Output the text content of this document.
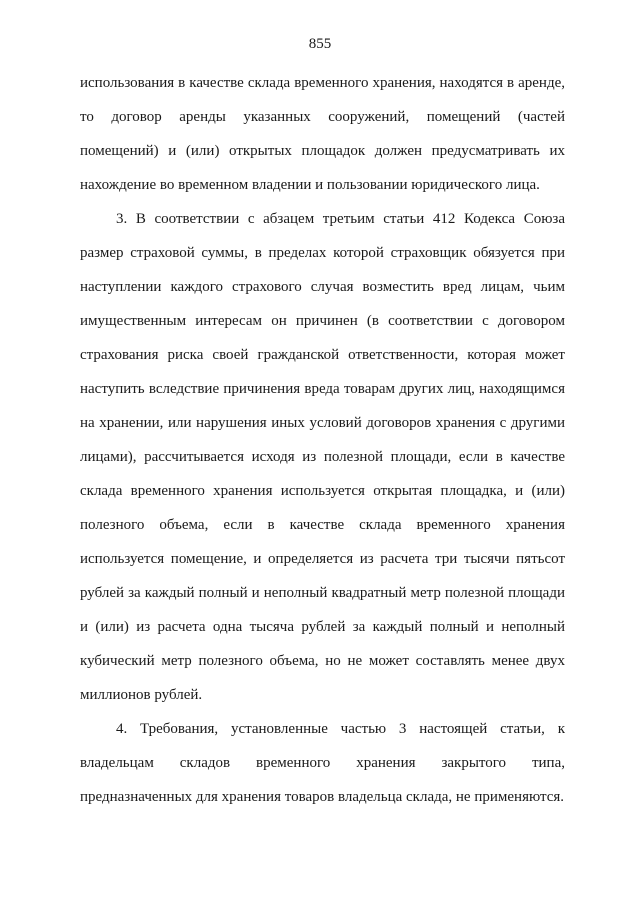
855
использования в качестве склада временного хранения, находятся в аренде,
то договор аренды указанных сооружений, помещений (частей
помещений) и (или) открытых площадок должен предусматривать их
нахождение во временном владении и пользовании юридического лица.
3. В соответствии с абзацем третьим статьи 412 Кодекса Союза
размер страховой суммы, в пределах которой страховщик обязуется при
наступлении каждого страхового случая возместить вред лицам, чьим
имущественным интересам он причинен (в соответствии с договором
страхования риска своей гражданской ответственности, которая может
наступить вследствие причинения вреда товарам других лиц, находящимся
на хранении, или нарушения иных условий договоров хранения с другими
лицами), рассчитывается исходя из полезной площади, если в качестве
склада временного хранения используется открытая площадка, и (или)
полезного объема, если в качестве склада временного хранения
используется помещение, и определяется из расчета три тысячи пятьсот
рублей за каждый полный и неполный квадратный метр полезной площади
и (или) из расчета одна тысяча рублей за каждый полный и неполный
кубический метр полезного объема, но не может составлять менее двух
миллионов рублей.
4. Требования, установленные частью 3 настоящей статьи, к
владельцам складов временного хранения закрытого типа,
предназначенных для хранения товаров владельца склада, не применяются.
